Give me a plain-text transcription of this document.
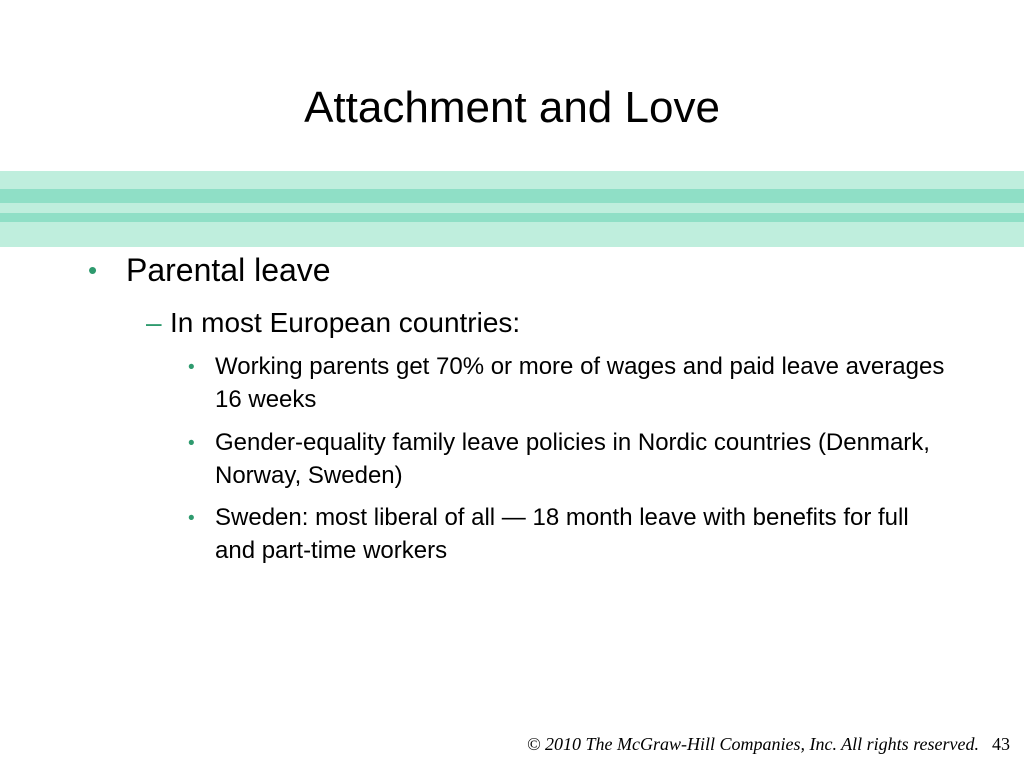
Attachment and Love
• Parental leave
– In most European countries:
• Working parents get 70% or more of wages and paid leave averages 16 weeks
• Gender-equality family leave policies in Nordic countries (Denmark, Norway, Sweden)
• Sweden: most liberal of all — 18 month leave with benefits for full and part-time workers
© 2010 The McGraw-Hill Companies, Inc. All rights reserved. 43
